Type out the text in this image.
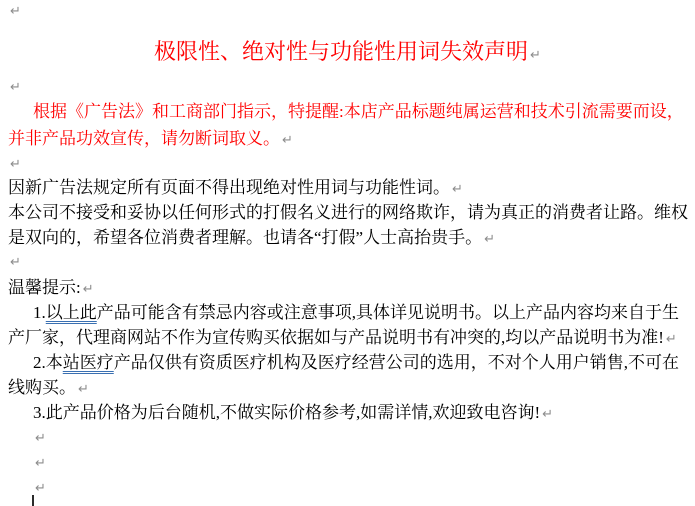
↵
极限性、绝对性与功能性用词失效声明 ↵
↵
根据《广告法》和工商部门指示，特提醒:本店产品标题纯属运营和技术引流需要而设，
并非产品功效宣传，请勿断词取义。 ↵
↵
因新广告法规定所有页面不得出现绝对性用词与功能性词。 ↵
本公司不接受和妥协以任何形式的打假名义进行的网络欺诈，请为真正的消费者让路。维权
是双向的，希望各位消费者理解。也请各“打假”人士高抬贵手。 ↵
↵
温馨提示: ↵
1.以上此产品可能含有禁忌内容或注意事项,具体详见说明书。以上产品内容均来自于生
产厂家，代理商网站不作为宣传购买依据如与产品说明书有冲突的,均以产品说明书为准! ↵
2.本站医疗产品仅供有资质医疗机构及医疗经营公司的选用，不对个人用户销售,不可在
线购买。 ↵
3.此产品价格为后台随机,不做实际价格参考,如需详情,欢迎致电咨询! ↵
↵
↵
↵
